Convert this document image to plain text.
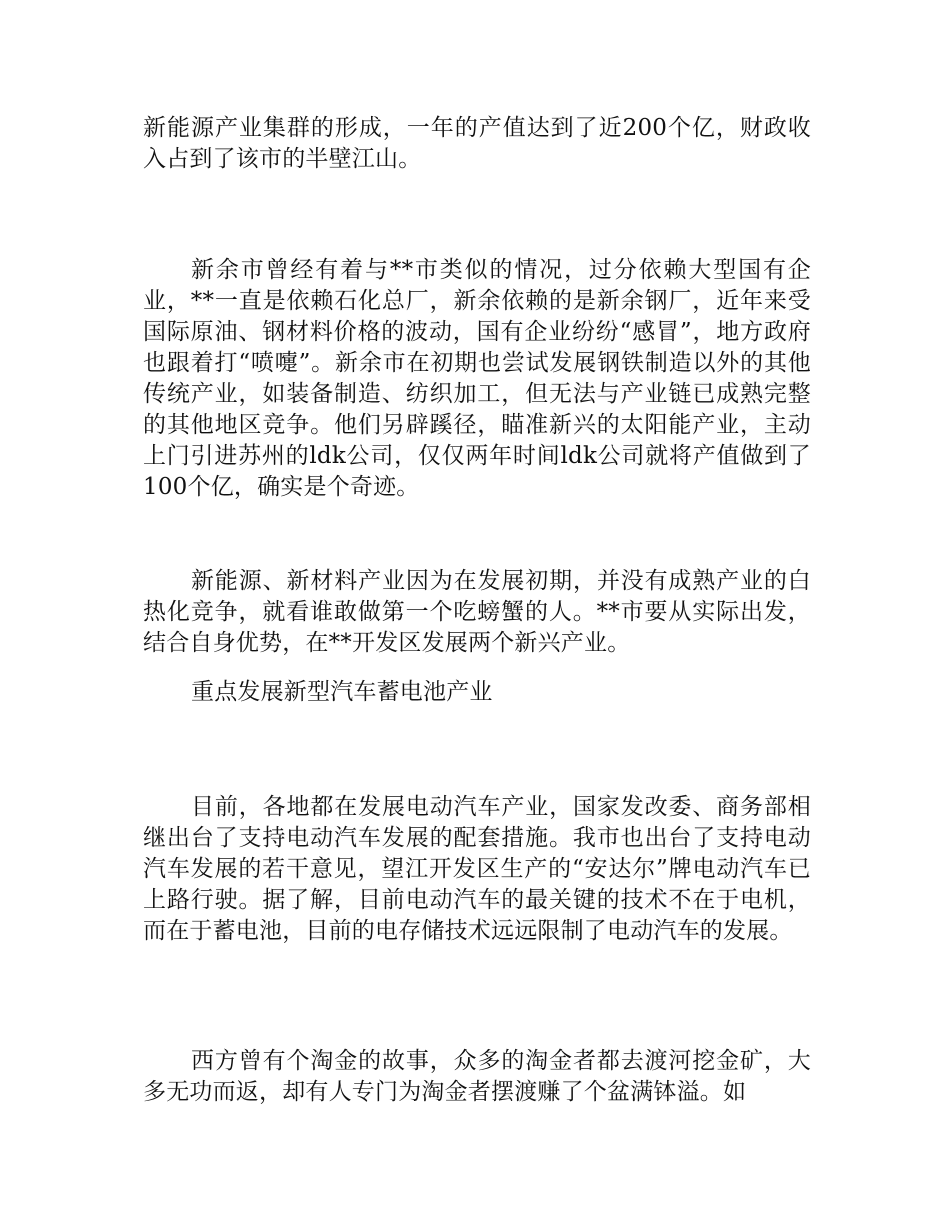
新能源产业集群的形成，一年的产值达到了近200个亿，财政收入占到了该市的半壁江山。

新余市曾经有着与**市类似的情况，过分依赖大型国有企业，**一直是依赖石化总厂，新余依赖的是新余钢厂，近年来受国际原油、钢材料价格的波动，国有企业纷纷“感冒”，地方政府也跟着打“喷嚏”。新余市在初期也尝试发展钢铁制造以外的其他传统产业，如装备制造、纺织加工，但无法与产业链已成熟完整的其他地区竞争。他们另辟蹊径，瞄准新兴的太阳能产业，主动上门引进苏州的ldk公司，仅仅两年时间ldk公司就将产值做到了100个亿，确实是个奇迹。

新能源、新材料产业因为在发展初期，并没有成熟产业的白热化竞争，就看谁敢做第一个吃螃蟹的人。**市要从实际出发，结合自身优势，在**开发区发展两个新兴产业。

重点发展新型汽车蓄电池产业

目前，各地都在发展电动汽车产业，国家发改委、商务部相继出台了支持电动汽车发展的配套措施。我市也出台了支持电动汽车发展的若干意见，望江开发区生产的“安达尔”牌电动汽车已上路行驶。据了解，目前电动汽车的最关键的技术不在于电机，而在于蓄电池，目前的电存储技术远远限制了电动汽车的发展。

西方曾有个淘金的故事，众多的淘金者都去渡河挖金矿，大多无功而返，却有人专门为淘金者摆渡赚了个盆满钵溢。如
